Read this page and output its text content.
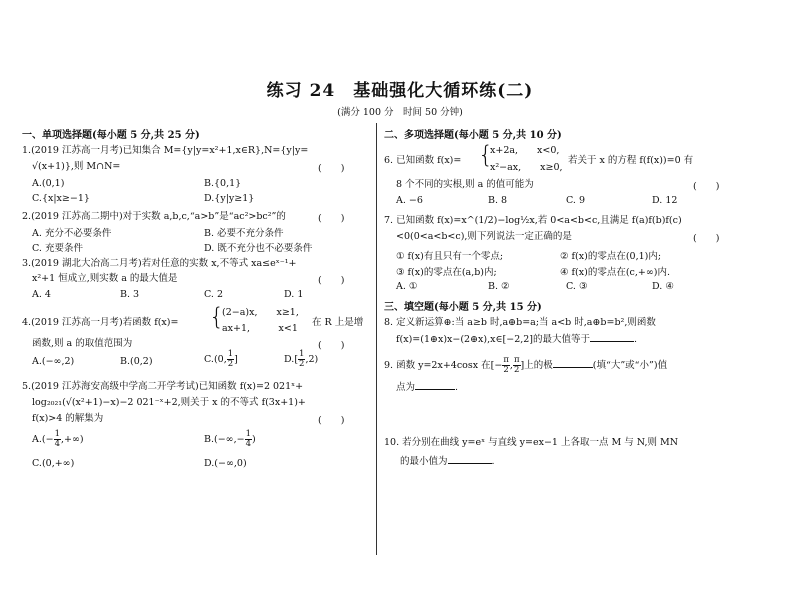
练习 24　基础强化大循环练(二)
(满分 100 分　时间 50 分钟)
一、单项选择题(每小题 5 分,共 25 分)
1.(2019 江苏高一月考)已知集合 M={y|y=x²+1,x∈R},N={y|y=
√(x+1)},则 M∩N=	(　　)
A.(0,1)	B.{0,1}
C.{x|x≥−1}	D.{y|y≥1}
2.(2019 江苏高二期中)对于实数 a,b,c,“a>b”是“ac²>bc²”的	(　　)
A. 充分不必要条件	B. 必要不充分条件
C. 充要条件	D. 既不充分也不必要条件
3.(2019 湖北大冶高二月考)若对任意的实数 x,不等式 xa≤eˣ⁻¹+
x²+1 恒成立,则实数 a 的最大值是	(　　)
A. 4	B. 3	C. 2	D. 1
4.(2019 江苏高一月考)若函数 f(x)= {
(2−a)x,　　x≥1,
ax+1,　　　x<1
在 R 上是增
函数,则 a 的取值范围为	(　　)
A.(−∞,2)	B.(0,2)	C.(0, $\frac{1}{2}$ ]	$D.[ \frac{1}{2} ,2)$
5.(2019 江苏海安高级中学高二开学考试)已知函数 f(x)=2 021ˣ+
log₂₀₂₁(√(x²+1)−x)−2 021⁻ˣ+2,则关于 x 的不等式 f(3x+1)+
f(x)>4 的解集为	(　　)
$A.(- \frac{1}{4}$ ,+∞)	$B.(-\infty,- \frac{1}{4}$ )
C.(0,+∞)	D.(−∞,0)
二、多项选择题(每小题 5 分,共 10 分)
6. 已知函数 f(x)= {
x+2a,　　x<0,
x²−ax,　　x≥0,
若关于 x 的方程 f(f(x))=0 有
8 个不同的实根,则 a 的值可能为	(　　)
A. −6	B. 8	C. 9	D. 12
7. 已知函数 f(x)=x^(1/2)−log½x,若 0<a<b<c,且满足 f(a)f(b)f(c)
<0(0<a<b<c),则下列说法一定正确的是	(　　)
① f(x)有且只有一个零点;	② f(x)的零点在(0,1)内;
③ f(x)的零点在(a,b)内;	④ f(x)的零点在(c,+∞)内.
A. ①	B. ②	C. ③	D. ④
三、填空题(每小题 5 分,共 15 分)
8. 定义新运算⊕:当 a≥b 时,a⊕b=a;当 a<b 时,a⊕b=b²,则函数
f(x)=(1⊕x)x−(2⊕x),x∈[−2,2]的最大值等于	.
9. 函数 y=2x+4cosx 在[− $\frac{\pi}{2}$ , $\frac{\pi}{2}$ ]上的极	(填“大”或“小”)值
点为	.
10. 若分别在曲线 y=eˣ 与直线 y=ex−1 上各取一点 M 与 N,则 MN
的最小值为	.
